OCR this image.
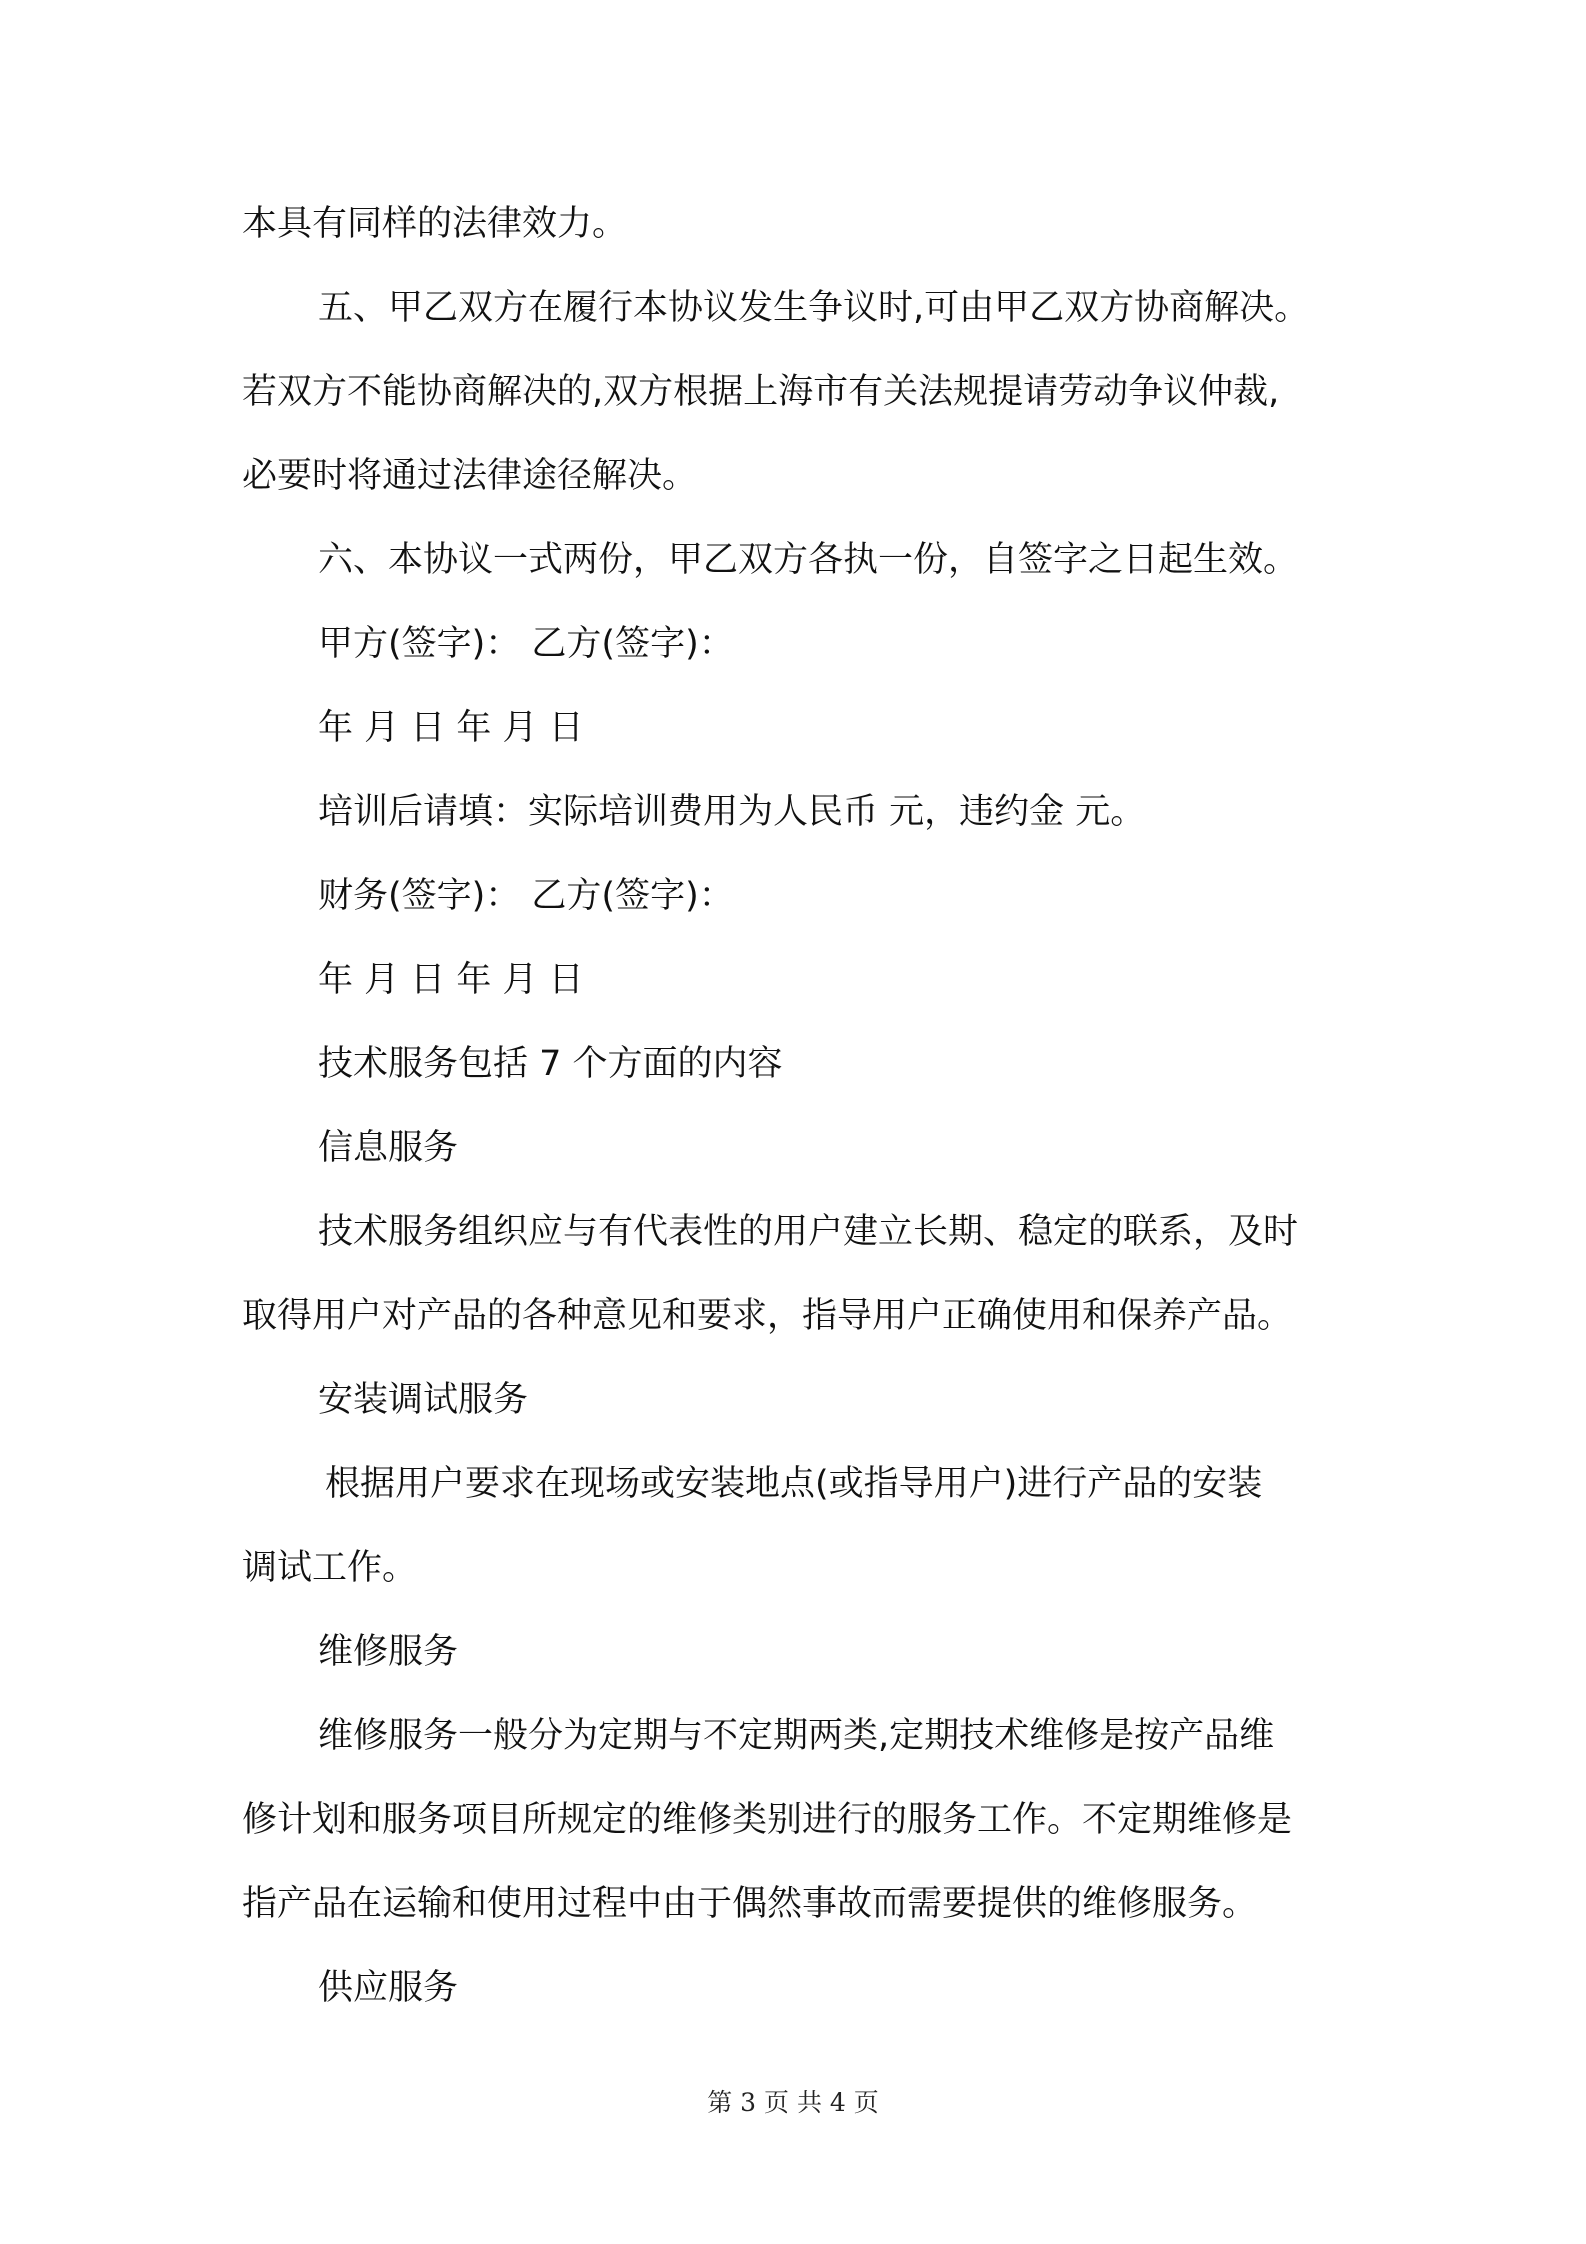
本具有同样的法律效力。
五、甲乙双方在履行本协议发生争议时,可由甲乙双方协商解决。
若双方不能协商解决的,双方根据上海市有关法规提请劳动争议仲裁,
必要时将通过法律途径解决。
六、本协议一式两份，甲乙双方各执一份，自签字之日起生效。
甲方(签字)： 乙方(签字)：
年 月 日 年 月 日
培训后请填：实际培训费用为人民币 元，违约金 元。
财务(签字)： 乙方(签字)：
年 月 日 年 月 日
技术服务包括 7 个方面的内容
信息服务
技术服务组织应与有代表性的用户建立长期、稳定的联系，及时
取得用户对产品的各种意见和要求，指导用户正确使用和保养产品。
安装调试服务
根据用户要求在现场或安装地点(或指导用户)进行产品的安装
调试工作。
维修服务
维修服务一般分为定期与不定期两类,定期技术维修是按产品维
修计划和服务项目所规定的维修类别进行的服务工作。不定期维修是
指产品在运输和使用过程中由于偶然事故而需要提供的维修服务。
供应服务
第 3 页 共 4 页
